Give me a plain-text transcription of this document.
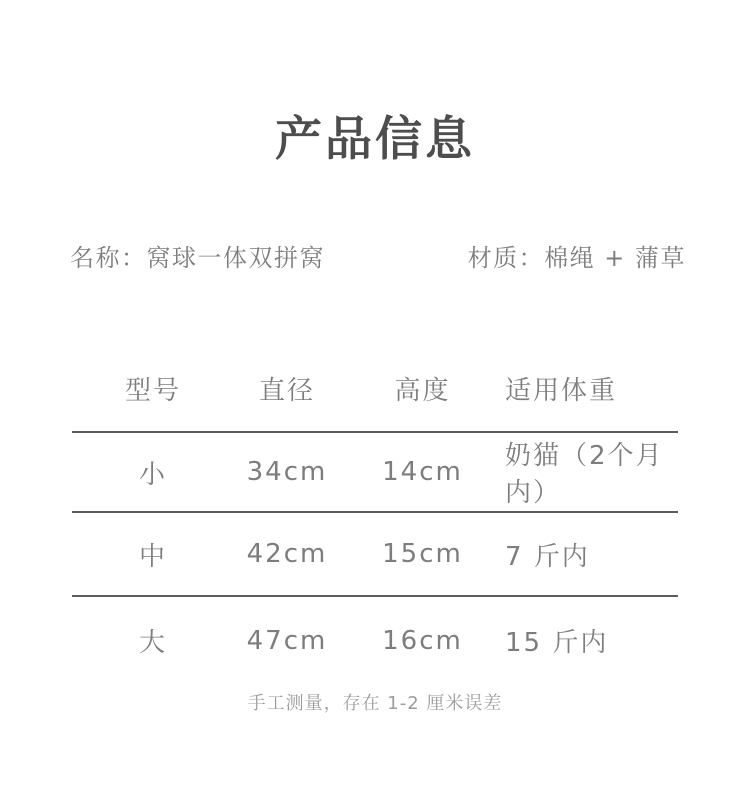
产品信息
名称：窝球一体双拼窝	材质：棉绳 + 蒲草
型号	直径	高度	适用体重
小	34cm	14cm	奶猫（2个月内）
中	42cm	15cm	7 斤内
大	47cm	16cm	15 斤内

手工测量，存在 1-2 厘米误差
